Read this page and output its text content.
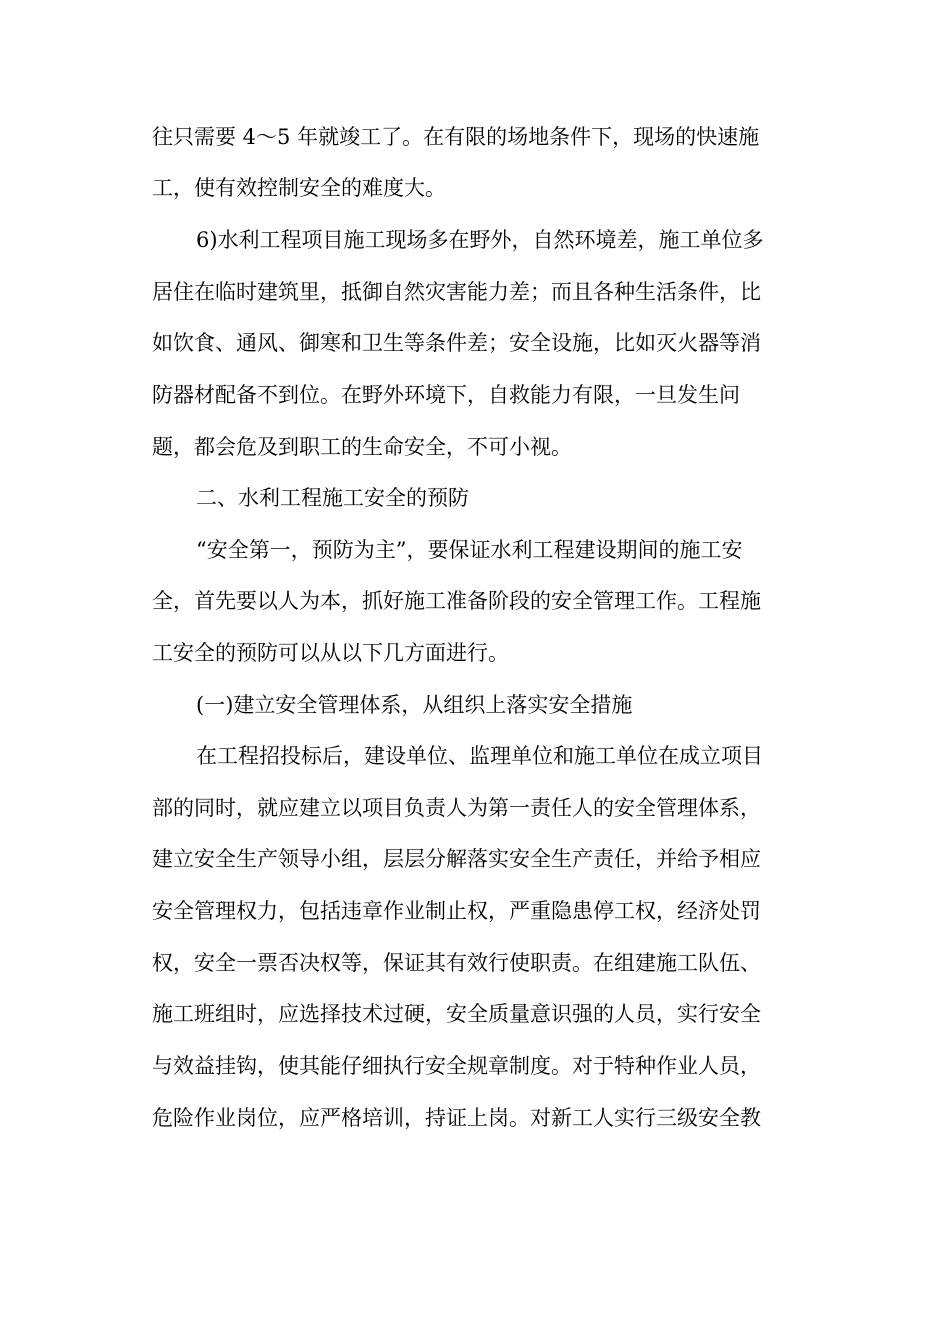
往只需要 4～5 年就竣工了。在有限的场地条件下，现场的快速施
工，使有效控制安全的难度大。
6)水利工程项目施工现场多在野外，自然环境差，施工单位多
居住在临时建筑里，抵御自然灾害能力差；而且各种生活条件，比
如饮食、通风、御寒和卫生等条件差；安全设施，比如灭火器等消
防器材配备不到位。在野外环境下，自救能力有限，一旦发生问
题，都会危及到职工的生命安全，不可小视。
二、水利工程施工安全的预防
“安全第一，预防为主”，要保证水利工程建设期间的施工安
全，首先要以人为本，抓好施工准备阶段的安全管理工作。工程施
工安全的预防可以从以下几方面进行。
(一)建立安全管理体系，从组织上落实安全措施
在工程招投标后，建设单位、监理单位和施工单位在成立项目
部的同时，就应建立以项目负责人为第一责任人的安全管理体系，
建立安全生产领导小组，层层分解落实安全生产责任，并给予相应
安全管理权力，包括违章作业制止权，严重隐患停工权，经济处罚
权，安全一票否决权等，保证其有效行使职责。在组建施工队伍、
施工班组时，应选择技术过硬，安全质量意识强的人员，实行安全
与效益挂钩，使其能仔细执行安全规章制度。对于特种作业人员，
危险作业岗位，应严格培训，持证上岗。对新工人实行三级安全教
